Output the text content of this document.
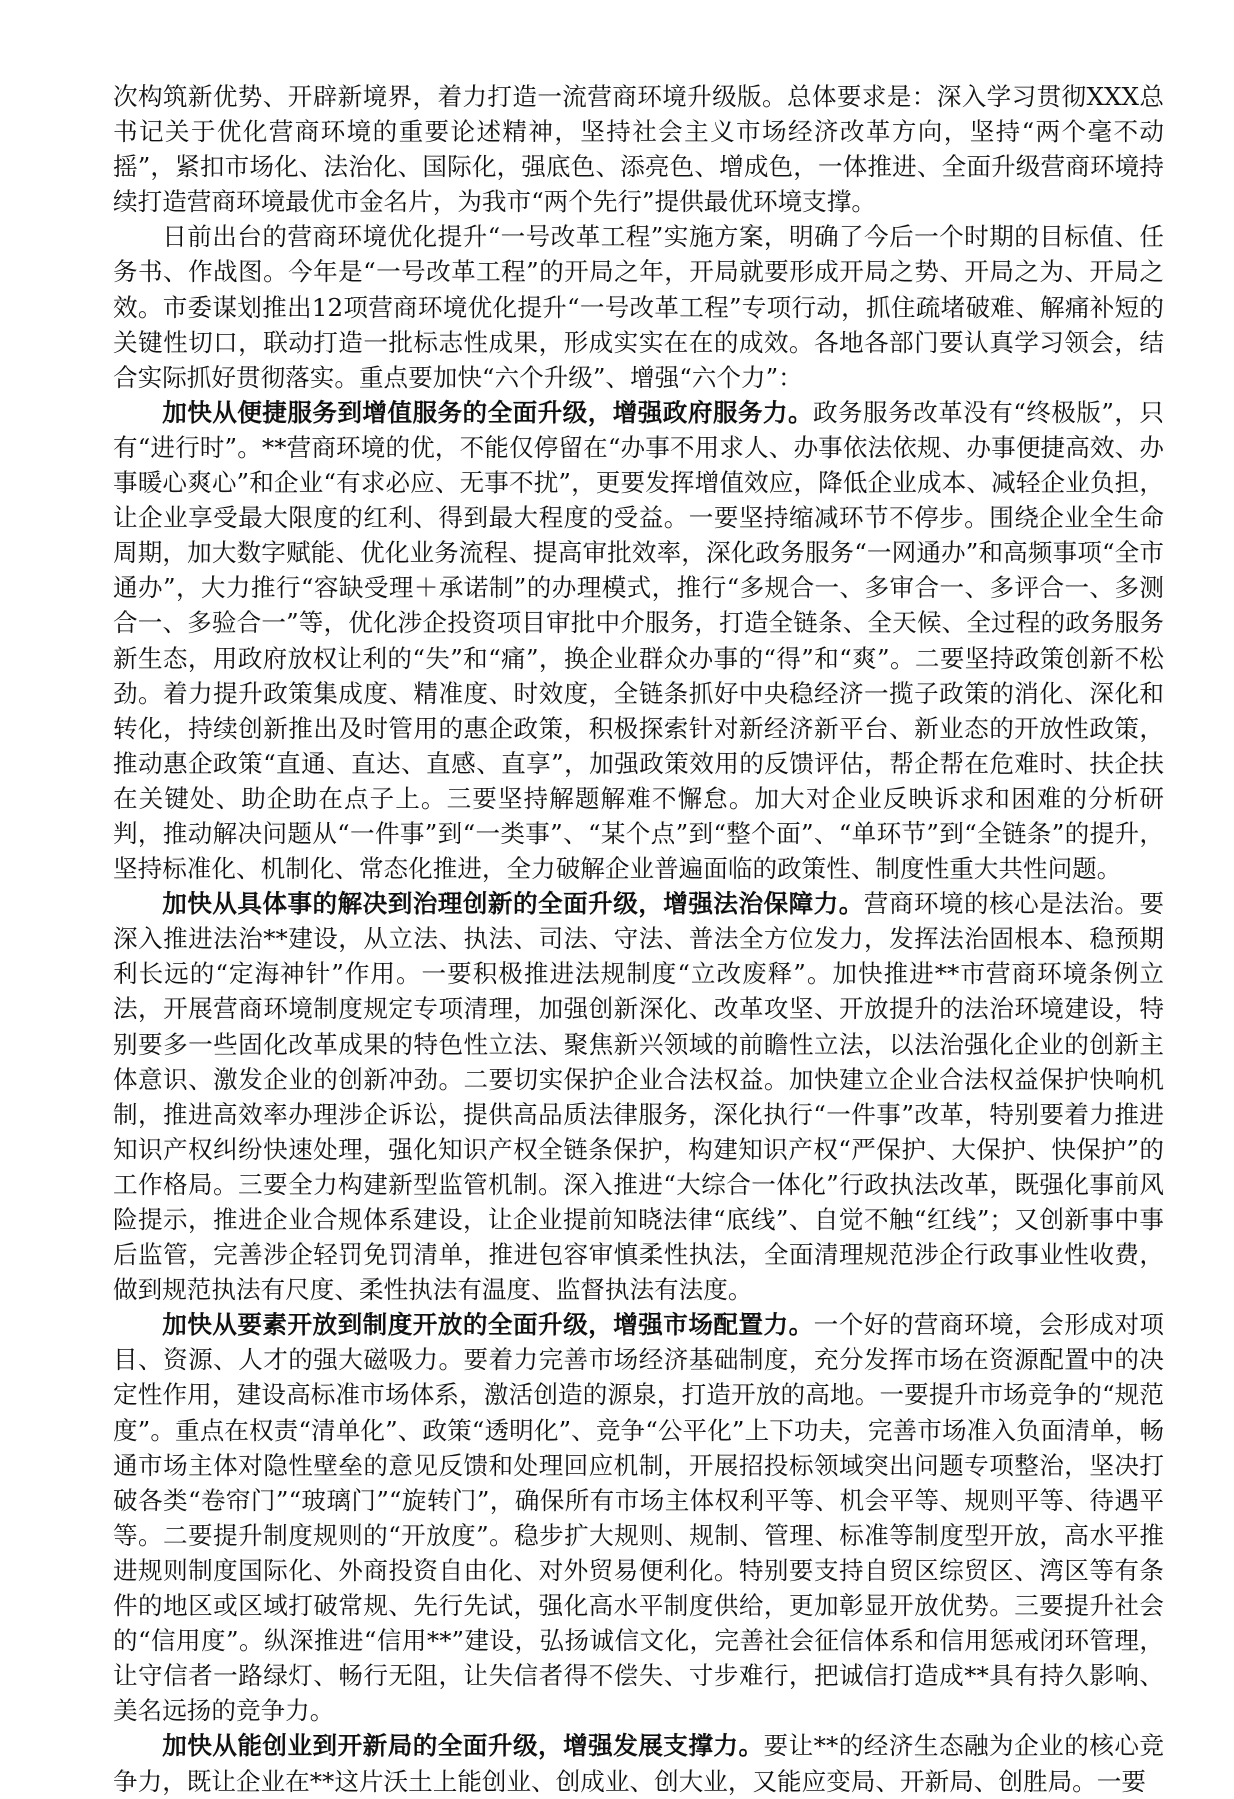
次构筑新优势、开辟新境界，着力打造一流营商环境升级版。总体要求是：深入学习贯彻XXX总书记关于优化营商环境的重要论述精神，坚持社会主义市场经济改革方向，坚持“两个毫不动摇”，紧扣市场化、法治化、国际化，强底色、添亮色、增成色，一体推进、全面升级营商环境持续打造营商环境最优市金名片，为我市“两个先行”提供最优环境支撑。

日前出台的营商环境优化提升“一号改革工程”实施方案，明确了今后一个时期的目标值、任务书、作战图。今年是“一号改革工程”的开局之年，开局就要形成开局之势、开局之为、开局之效。市委谋划推出12项营商环境优化提升“一号改革工程”专项行动，抓住疏堵破难、解痛补短的关键性切口，联动打造一批标志性成果，形成实实在在的成效。各地各部门要认真学习领会，结合实际抓好贯彻落实。重点要加快“六个升级”、增强“六个力”：

加快从便捷服务到增值服务的全面升级，增强政府服务力。政务服务改革没有“终极版”，只有“进行时”。**营商环境的优，不能仅停留在“办事不用求人、办事依法依规、办事便捷高效、办事暖心爽心”和企业“有求必应、无事不扰”，更要发挥增值效应，降低企业成本、减轻企业负担，让企业享受最大限度的红利、得到最大程度的受益。一要坚持缩减环节不停步。围绕企业全生命周期，加大数字赋能、优化业务流程、提高审批效率，深化政务服务“一网通办”和高频事项“全市通办”，大力推行“容缺受理＋承诺制”的办理模式，推行“多规合一、多审合一、多评合一、多测合一、多验合一”等，优化涉企投资项目审批中介服务，打造全链条、全天候、全过程的政务服务新生态，用政府放权让利的“失”和“痛”，换企业群众办事的“得”和“爽”。二要坚持政策创新不松劲。着力提升政策集成度、精准度、时效度，全链条抓好中央稳经济一揽子政策的消化、深化和转化，持续创新推出及时管用的惠企政策，积极探索针对新经济新平台、新业态的开放性政策，推动惠企政策“直通、直达、直感、直享”，加强政策效用的反馈评估，帮企帮在危难时、扶企扶在关键处、助企助在点子上。三要坚持解题解难不懈怠。加大对企业反映诉求和困难的分析研判，推动解决问题从“一件事”到“一类事”、“某个点”到“整个面”、“单环节”到“全链条”的提升，坚持标准化、机制化、常态化推进，全力破解企业普遍面临的政策性、制度性重大共性问题。

加快从具体事的解决到治理创新的全面升级，增强法治保障力。营商环境的核心是法治。要深入推进法治**建设，从立法、执法、司法、守法、普法全方位发力，发挥法治固根本、稳预期利长远的“定海神针”作用。一要积极推进法规制度“立改废释”。加快推进**市营商环境条例立法，开展营商环境制度规定专项清理，加强创新深化、改革攻坚、开放提升的法治环境建设，特别要多一些固化改革成果的特色性立法、聚焦新兴领域的前瞻性立法，以法治强化企业的创新主体意识、激发企业的创新冲劲。二要切实保护企业合法权益。加快建立企业合法权益保护快响机制，推进高效率办理涉企诉讼，提供高品质法律服务，深化执行“一件事”改革，特别要着力推进知识产权纠纷快速处理，强化知识产权全链条保护，构建知识产权“严保护、大保护、快保护”的工作格局。三要全力构建新型监管机制。深入推进“大综合一体化”行政执法改革，既强化事前风险提示，推进企业合规体系建设，让企业提前知晓法律“底线”、自觉不触“红线”；又创新事中事后监管，完善涉企轻罚免罚清单，推进包容审慎柔性执法，全面清理规范涉企行政事业性收费，做到规范执法有尺度、柔性执法有温度、监督执法有法度。

加快从要素开放到制度开放的全面升级，增强市场配置力。一个好的营商环境，会形成对项目、资源、人才的强大磁吸力。要着力完善市场经济基础制度，充分发挥市场在资源配置中的决定性作用，建设高标准市场体系，激活创造的源泉，打造开放的高地。一要提升市场竞争的“规范度”。重点在权责“清单化”、政策“透明化”、竞争“公平化”上下功夫，完善市场准入负面清单，畅通市场主体对隐性壁垒的意见反馈和处理回应机制，开展招投标领域突出问题专项整治，坚决打破各类“卷帘门”“玻璃门”“旋转门”，确保所有市场主体权利平等、机会平等、规则平等、待遇平等。二要提升制度规则的“开放度”。稳步扩大规则、规制、管理、标准等制度型开放，高水平推进规则制度国际化、外商投资自由化、对外贸易便利化。特别要支持自贸区综贸区、湾区等有条件的地区或区域打破常规、先行先试，强化高水平制度供给，更加彰显开放优势。三要提升社会的“信用度”。纵深推进“信用**”建设，弘扬诚信文化，完善社会征信体系和信用惩戒闭环管理，让守信者一路绿灯、畅行无阻，让失信者得不偿失、寸步难行，把诚信打造成**具有持久影响、美名远扬的竞争力。

加快从能创业到开新局的全面升级，增强发展支撑力。要让**的经济生态融为企业的核心竞争力，既让企业在**这片沃土上能创业、创成业、创大业，又能应变局、开新局、创胜局。一要
